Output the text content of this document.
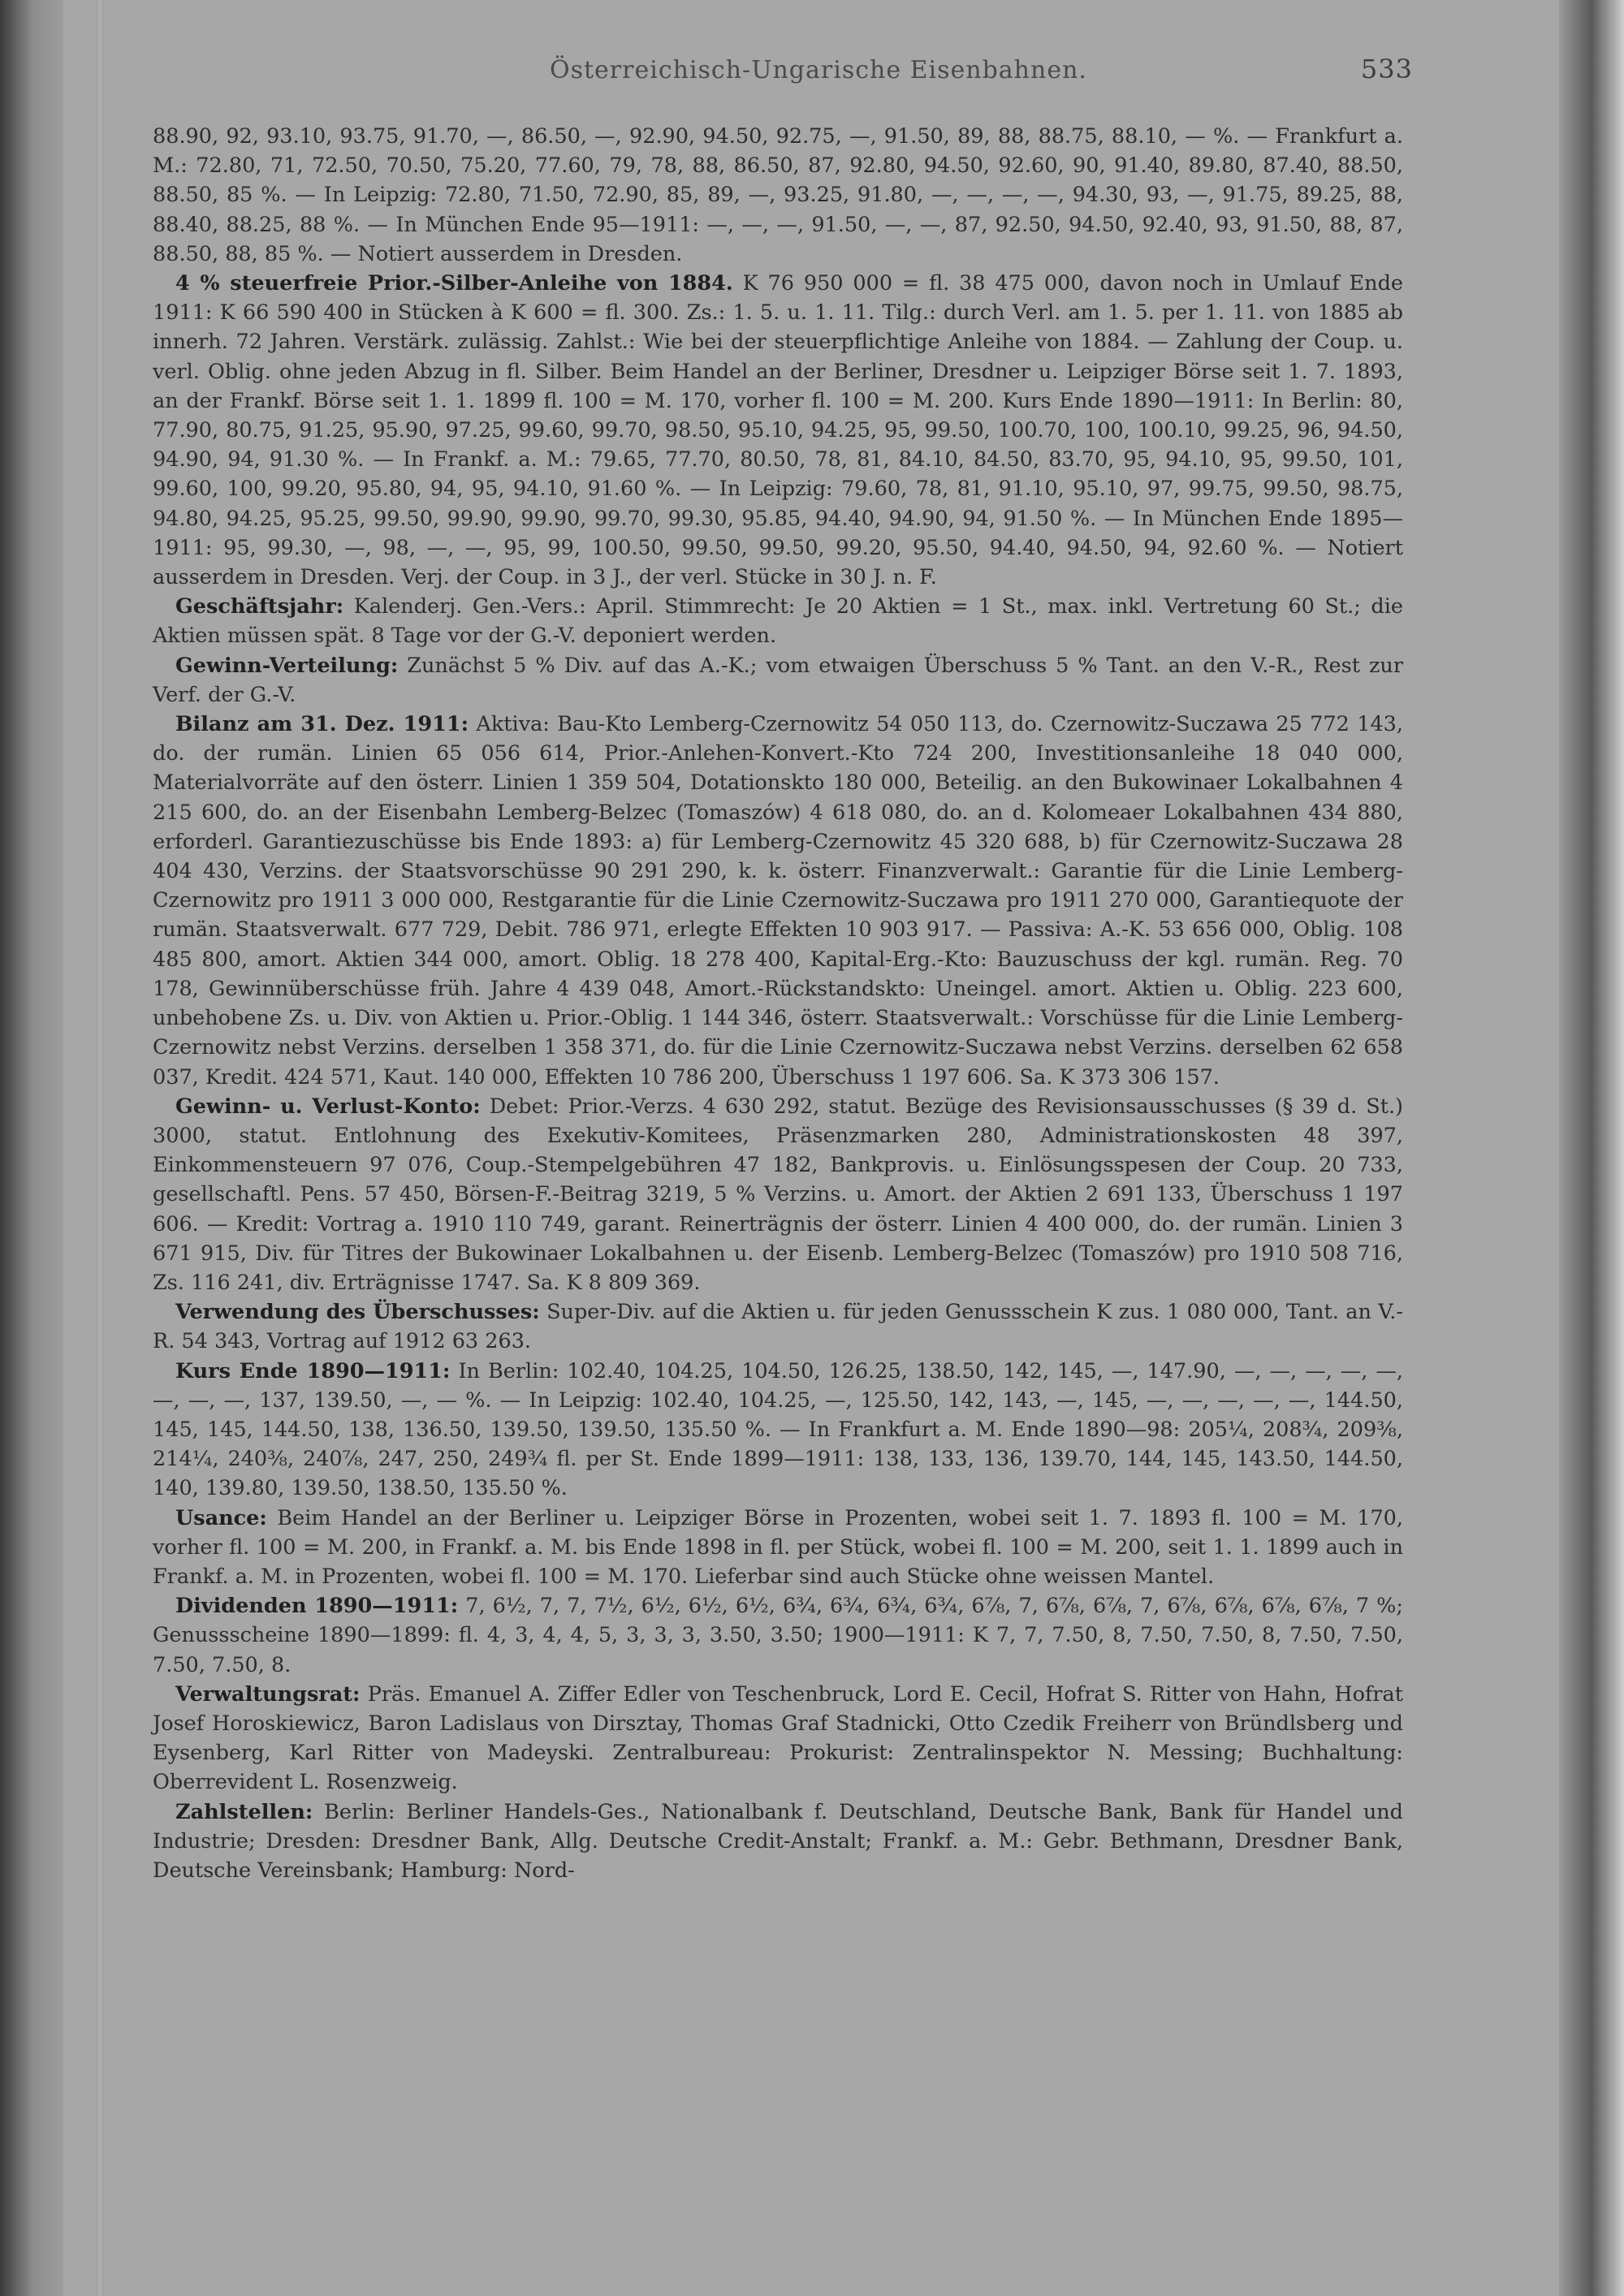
Österreichisch-Ungarische Eisenbahnen.	533

88.90, 92, 93.10, 93.75, 91.70, —, 86.50, —, 92.90, 94.50, 92.75, —, 91.50, 89, 88, 88.75, 88.10, — %. — Frankfurt a. M.: 72.80, 71, 72.50, 70.50, 75.20, 77.60, 79, 78, 88, 86.50, 87, 92.80, 94.50, 92.60, 90, 91.40, 89.80, 87.40, 88.50, 88.50, 85 %. — In Leipzig: 72.80, 71.50, 72.90, 85, 89, —, 93.25, 91.80, —, —, —, —, 94.30, 93, —, 91.75, 89.25, 88, 88.40, 88.25, 88 %. — In München Ende 95—1911: —, —, —, 91.50, —, —, 87, 92.50, 94.50, 92.40, 93, 91.50, 88, 87, 88.50, 88, 85 %. — Notiert ausserdem in Dresden.

4 % steuerfreie Prior.-Silber-Anleihe von 1884. K 76 950 000 = fl. 38 475 000, davon noch in Umlauf Ende 1911: K 66 590 400 in Stücken à K 600 = fl. 300. Zs.: 1. 5. u. 1. 11. Tilg.: durch Verl. am 1. 5. per 1. 11. von 1885 ab innerh. 72 Jahren. Verstärk. zulässig. Zahlst.: Wie bei der steuerpflichtige Anleihe von 1884. — Zahlung der Coup. u. verl. Oblig. ohne jeden Abzug in fl. Silber. Beim Handel an der Berliner, Dresdner u. Leipziger Börse seit 1. 7. 1893, an der Frankf. Börse seit 1. 1. 1899 fl. 100 = M. 170, vorher fl. 100 = M. 200. Kurs Ende 1890—1911: In Berlin: 80, 77.90, 80.75, 91.25, 95.90, 97.25, 99.60, 99.70, 98.50, 95.10, 94.25, 95, 99.50, 100.70, 100, 100.10, 99.25, 96, 94.50, 94.90, 94, 91.30 %. — In Frankf. a. M.: 79.65, 77.70, 80.50, 78, 81, 84.10, 84.50, 83.70, 95, 94.10, 95, 99.50, 101, 99.60, 100, 99.20, 95.80, 94, 95, 94.10, 91.60 %. — In Leipzig: 79.60, 78, 81, 91.10, 95.10, 97, 99.75, 99.50, 98.75, 94.80, 94.25, 95.25, 99.50, 99.90, 99.90, 99.70, 99.30, 95.85, 94.40, 94.90, 94, 91.50 %. — In München Ende 1895—1911: 95, 99.30, —, 98, —, —, 95, 99, 100.50, 99.50, 99.50, 99.20, 95.50, 94.40, 94.50, 94, 92.60 %. — Notiert ausserdem in Dresden. Verj. der Coup. in 3 J., der verl. Stücke in 30 J. n. F.

Geschäftsjahr: Kalenderj. Gen.-Vers.: April. Stimmrecht: Je 20 Aktien = 1 St., max. inkl. Vertretung 60 St.; die Aktien müssen spät. 8 Tage vor der G.-V. deponiert werden.

Gewinn-Verteilung: Zunächst 5 % Div. auf das A.-K.; vom etwaigen Überschuss 5 % Tant. an den V.-R., Rest zur Verf. der G.-V.

Bilanz am 31. Dez. 1911: Aktiva: Bau-Kto Lemberg-Czernowitz 54 050 113, do. Czernowitz-Suczawa 25 772 143, do. der rumän. Linien 65 056 614, Prior.-Anlehen-Konvert.-Kto 724 200, Investitionsanleihe 18 040 000, Materialvorräte auf den österr. Linien 1 359 504, Dotationskto 180 000, Beteilig. an den Bukowinaer Lokalbahnen 4 215 600, do. an der Eisenbahn Lemberg-Belzec (Tomaszów) 4 618 080, do. an d. Kolomeaer Lokalbahnen 434 880, erforderl. Garantiezuschüsse bis Ende 1893: a) für Lemberg-Czernowitz 45 320 688, b) für Czernowitz-Suczawa 28 404 430, Verzins. der Staatsvorschüsse 90 291 290, k. k. österr. Finanzverwalt.: Garantie für die Linie Lemberg-Czernowitz pro 1911 3 000 000, Restgarantie für die Linie Czernowitz-Suczawa pro 1911 270 000, Garantiequote der rumän. Staatsverwalt. 677 729, Debit. 786 971, erlegte Effekten 10 903 917. — Passiva: A.-K. 53 656 000, Oblig. 108 485 800, amort. Aktien 344 000, amort. Oblig. 18 278 400, Kapital-Erg.-Kto: Bauzuschuss der kgl. rumän. Reg. 70 178, Gewinnüberschüsse früh. Jahre 4 439 048, Amort.-Rückstandskto: Uneingel. amort. Aktien u. Oblig. 223 600, unbehobene Zs. u. Div. von Aktien u. Prior.-Oblig. 1 144 346, österr. Staatsverwalt.: Vorschüsse für die Linie Lemberg-Czernowitz nebst Verzins. derselben 1 358 371, do. für die Linie Czernowitz-Suczawa nebst Verzins. derselben 62 658 037, Kredit. 424 571, Kaut. 140 000, Effekten 10 786 200, Überschuss 1 197 606. Sa. K 373 306 157.

Gewinn- u. Verlust-Konto: Debet: Prior.-Verzs. 4 630 292, statut. Bezüge des Revisionsausschusses (§ 39 d. St.) 3000, statut. Entlohnung des Exekutiv-Komitees, Präsenzmarken 280, Administrationskosten 48 397, Einkommensteuern 97 076, Coup.-Stempelgebühren 47 182, Bankprovis. u. Einlösungsspesen der Coup. 20 733, gesellschaftl. Pens. 57 450, Börsen-F.-Beitrag 3219, 5 % Verzins. u. Amort. der Aktien 2 691 133, Überschuss 1 197 606. — Kredit: Vortrag a. 1910 110 749, garant. Reinerträgnis der österr. Linien 4 400 000, do. der rumän. Linien 3 671 915, Div. für Titres der Bukowinaer Lokalbahnen u. der Eisenb. Lemberg-Belzec (Tomaszów) pro 1910 508 716, Zs. 116 241, div. Erträgnisse 1747. Sa. K 8 809 369.

Verwendung des Überschusses: Super-Div. auf die Aktien u. für jeden Genussschein K zus. 1 080 000, Tant. an V.-R. 54 343, Vortrag auf 1912 63 263.

Kurs Ende 1890—1911: In Berlin: 102.40, 104.25, 104.50, 126.25, 138.50, 142, 145, —, 147.90, —, —, —, —, —, —, —, —, 137, 139.50, —, — %. — In Leipzig: 102.40, 104.25, —, 125.50, 142, 143, —, 145, —, —, —, —, —, 144.50, 145, 145, 144.50, 138, 136.50, 139.50, 139.50, 135.50 %. — In Frankfurt a. M. Ende 1890—98: 205¼, 208¾, 209⅜, 214¼, 240⅜, 240⅞, 247, 250, 249¾ fl. per St. Ende 1899—1911: 138, 133, 136, 139.70, 144, 145, 143.50, 144.50, 140, 139.80, 139.50, 138.50, 135.50 %.

Usance: Beim Handel an der Berliner u. Leipziger Börse in Prozenten, wobei seit 1. 7. 1893 fl. 100 = M. 170, vorher fl. 100 = M. 200, in Frankf. a. M. bis Ende 1898 in fl. per Stück, wobei fl. 100 = M. 200, seit 1. 1. 1899 auch in Frankf. a. M. in Prozenten, wobei fl. 100 = M. 170. Lieferbar sind auch Stücke ohne weissen Mantel.

Dividenden 1890—1911: 7, 6½, 7, 7, 7½, 6½, 6½, 6½, 6¾, 6¾, 6¾, 6¾, 6⅞, 7, 6⅞, 6⅞, 7, 6⅞, 6⅞, 6⅞, 6⅞, 7 %; Genussscheine 1890—1899: fl. 4, 3, 4, 4, 5, 3, 3, 3, 3.50, 3.50; 1900—1911: K 7, 7, 7.50, 8, 7.50, 7.50, 8, 7.50, 7.50, 7.50, 7.50, 8.

Verwaltungsrat: Präs. Emanuel A. Ziffer Edler von Teschenbruck, Lord E. Cecil, Hofrat S. Ritter von Hahn, Hofrat Josef Horoskiewicz, Baron Ladislaus von Dirsztay, Thomas Graf Stadnicki, Otto Czedik Freiherr von Bründlsberg und Eysenberg, Karl Ritter von Madeyski. Zentralbureau: Prokurist: Zentralinspektor N. Messing; Buchhaltung: Oberrevident L. Rosenzweig.

Zahlstellen: Berlin: Berliner Handels-Ges., Nationalbank f. Deutschland, Deutsche Bank, Bank für Handel und Industrie; Dresden: Dresdner Bank, Allg. Deutsche Credit-Anstalt; Frankf. a. M.: Gebr. Bethmann, Dresdner Bank, Deutsche Vereinsbank; Hamburg: Nord-
